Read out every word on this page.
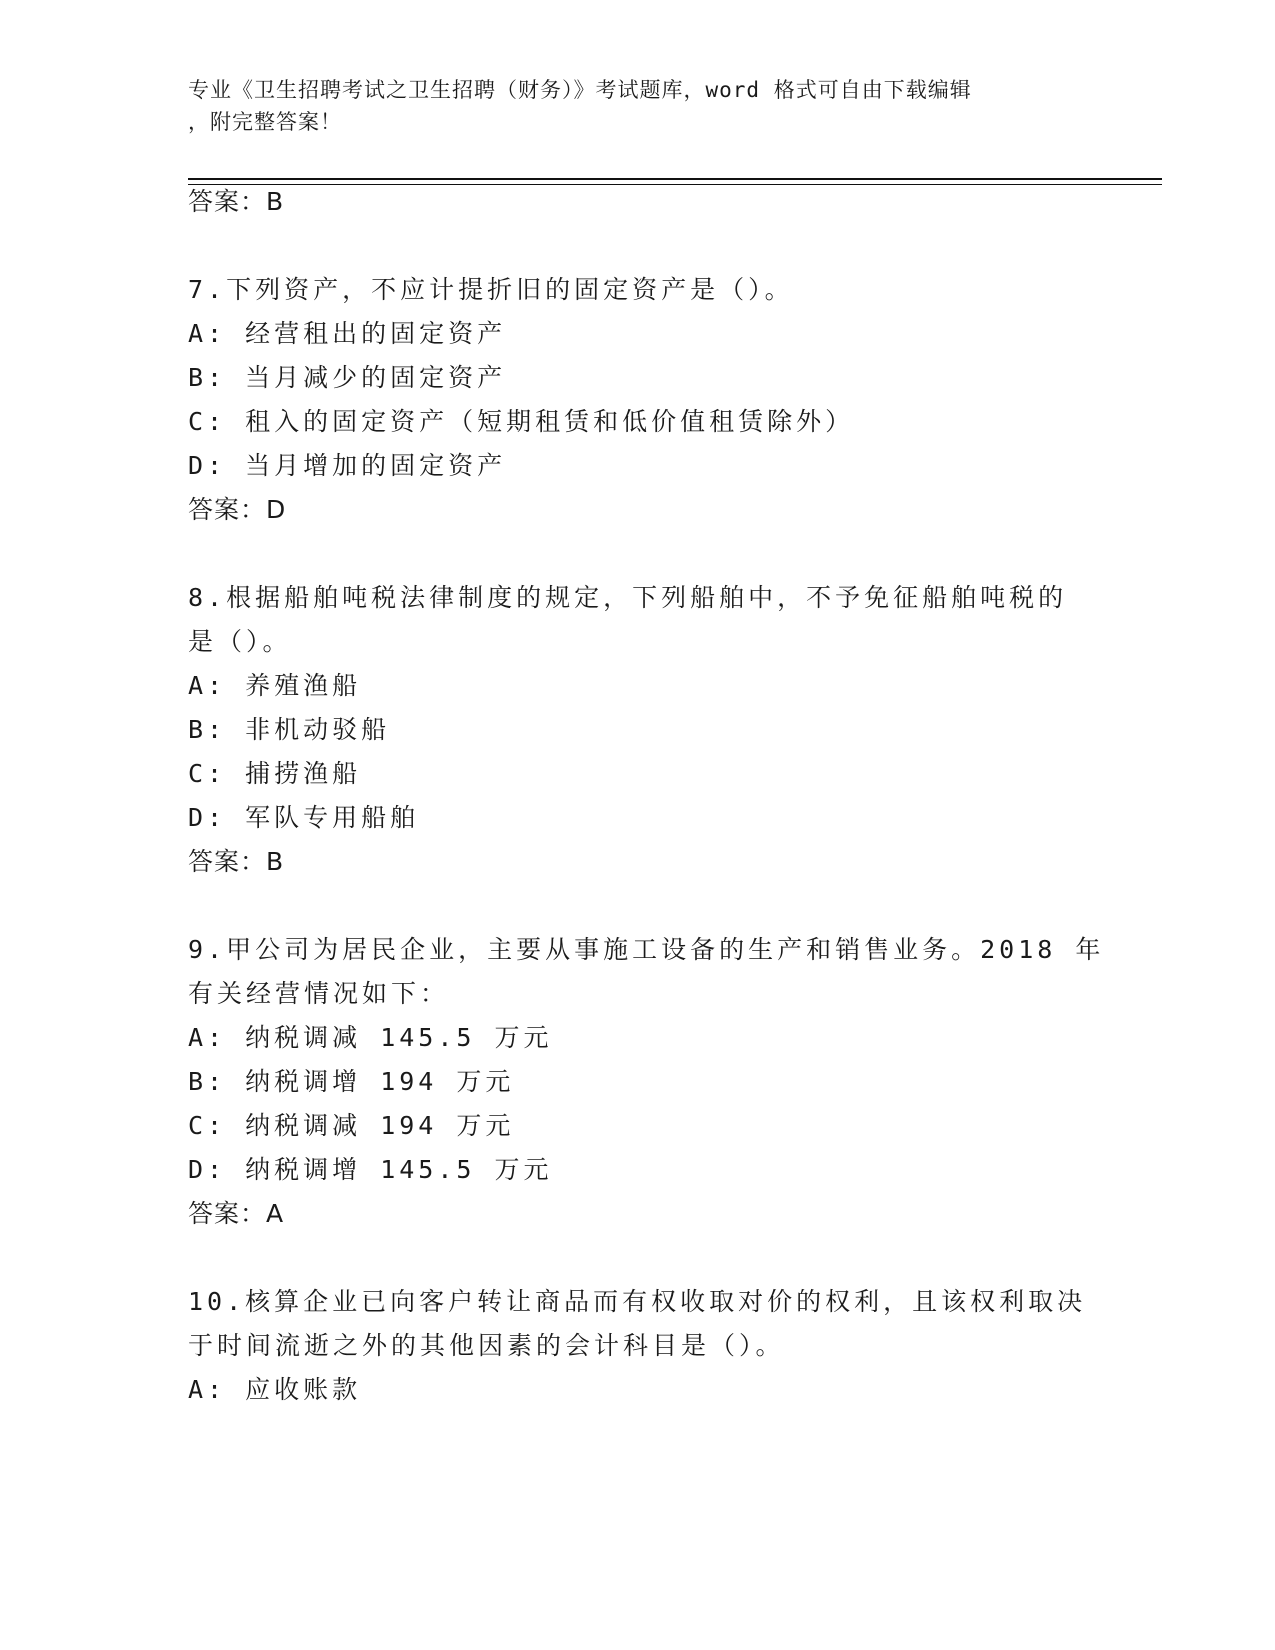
专业《卫生招聘考试之卫生招聘（财务）》考试题库，word 格式可自由下载编辑
，附完整答案！
答案：B
7.下列资产，不应计提折旧的固定资产是（）。
A: 经营租出的固定资产
B: 当月减少的固定资产
C: 租入的固定资产（短期租赁和低价值租赁除外）
D: 当月增加的固定资产
答案：D
8.根据船舶吨税法律制度的规定，下列船舶中，不予免征船舶吨税的
是（）。
A: 养殖渔船
B: 非机动驳船
C: 捕捞渔船
D: 军队专用船舶
答案：B
9.甲公司为居民企业，主要从事施工设备的生产和销售业务。2018 年
有关经营情况如下：
A: 纳税调减 145.5 万元
B: 纳税调增 194 万元
C: 纳税调减 194 万元
D: 纳税调增 145.5 万元
答案：A
10.核算企业已向客户转让商品而有权收取对价的权利，且该权利取决
于时间流逝之外的其他因素的会计科目是（）。
A: 应收账款
